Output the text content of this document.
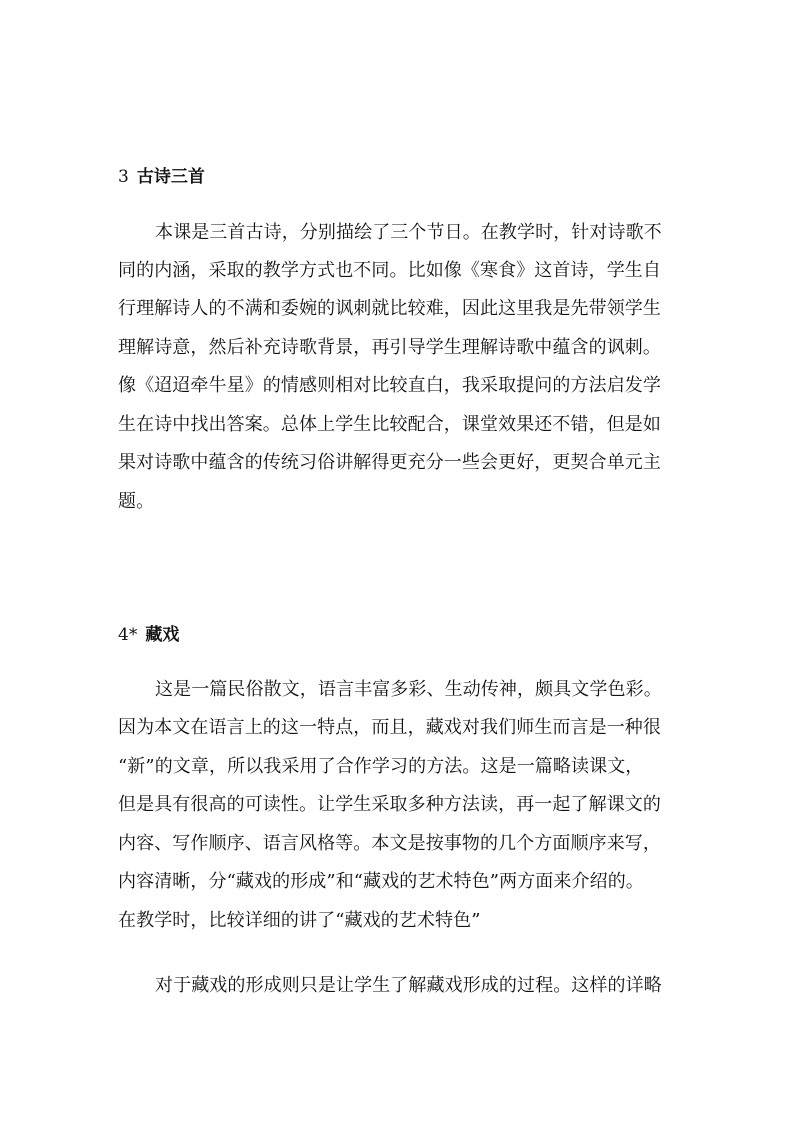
3 古诗三首
本课是三首古诗，分别描绘了三个节日。在教学时，针对诗歌不
同的内涵，采取的教学方式也不同。比如像《寒食》这首诗，学生自
行理解诗人的不满和委婉的讽刺就比较难，因此这里我是先带领学生
理解诗意，然后补充诗歌背景，再引导学生理解诗歌中蕴含的讽刺。
像《迢迢牵牛星》的情感则相对比较直白，我采取提问的方法启发学
生在诗中找出答案。总体上学生比较配合，课堂效果还不错，但是如
果对诗歌中蕴含的传统习俗讲解得更充分一些会更好，更契合单元主
题。
4* 藏戏
这是一篇民俗散文，语言丰富多彩、生动传神，颇具文学色彩。
因为本文在语言上的这一特点，而且，藏戏对我们师生而言是一种很
“新”的文章，所以我采用了合作学习的方法。这是一篇略读课文，
但是具有很高的可读性。让学生采取多种方法读，再一起了解课文的
内容、写作顺序、语言风格等。本文是按事物的几个方面顺序来写，
内容清晰，分“藏戏的形成”和“藏戏的艺术特色”两方面来介绍的。
在教学时，比较详细的讲了“藏戏的艺术特色”
对于藏戏的形成则只是让学生了解藏戏形成的过程。这样的详略
